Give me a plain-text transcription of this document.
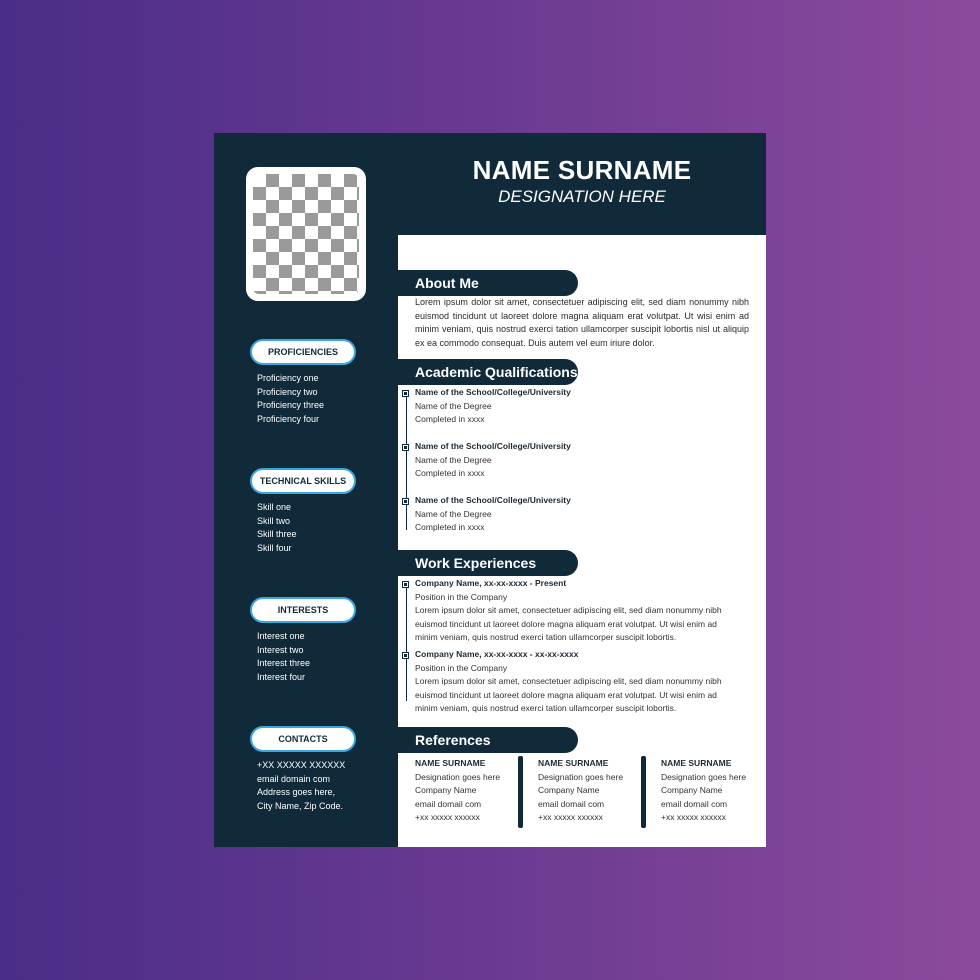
NAME SURNAME
DESIGNATION HERE
PROFICIENCIES
Proficiency one
Proficiency two
Proficiency three
Proficiency four
TECHNICAL SKILLS
Skill one
Skill two
Skill three
Skill four
INTERESTS
Interest one
Interest two
Interest three
Interest four
CONTACTS
+XX XXXXX XXXXXX
email domain com
Address goes here,
City Name, Zip Code.
About Me
Lorem ipsum dolor sit amet, consectetuer adipiscing elit, sed diam nonummy nibh euismod tincidunt ut laoreet dolore magna aliquam erat volutpat. Ut wisi enim ad minim veniam, quis nostrud exerci tation ullamcorper suscipit lobortis nisl ut aliquip ex ea commodo consequat. Duis autem vel eum iriure dolor.
Academic Qualifications
Name of the School/College/University
Name of the Degree
Completed in xxxx
Name of the School/College/University
Name of the Degree
Completed in xxxx
Name of the School/College/University
Name of the Degree
Completed in xxxx
Work Experiences
Company Name, xx-xx-xxxx - Present
Position in the Company
Lorem ipsum dolor sit amet, consectetuer adipiscing elit, sed diam nonummy nibh euismod tincidunt ut laoreet dolore magna aliquam erat volutpat. Ut wisi enim ad minim veniam, quis nostrud exerci tation ullamcorper suscipit lobortis.
Company Name, xx-xx-xxxx - xx-xx-xxxx
Position in the Company
Lorem ipsum dolor sit amet, consectetuer adipiscing elit, sed diam nonummy nibh euismod tincidunt ut laoreet dolore magna aliquam erat volutpat. Ut wisi enim ad minim veniam, quis nostrud exerci tation ullamcorper suscipit lobortis.
References
NAME SURNAME
Designation goes here
Company Name
email domail com
+xx xxxxx xxxxxx
NAME SURNAME
Designation goes here
Company Name
email domail com
+xx xxxxx xxxxxx
NAME SURNAME
Designation goes here
Company Name
email domail com
+xx xxxxx xxxxxx
